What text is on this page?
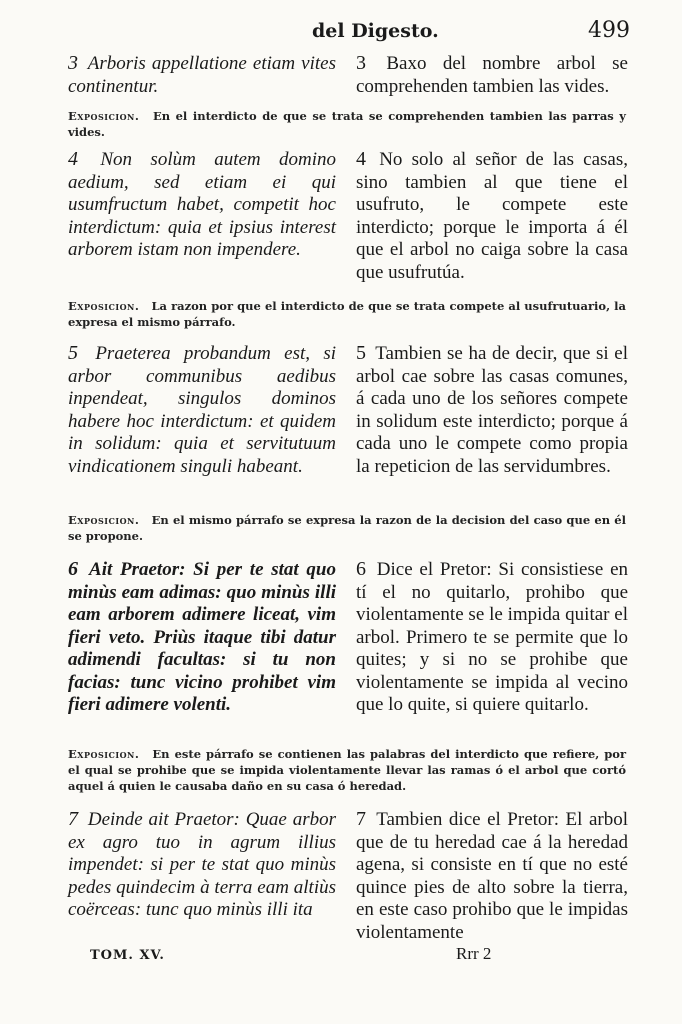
del Digesto.	499
3 Arboris appellatione etiam vites continentur.
3 Baxo del nombre arbol se comprehenden tambien las vides.
Exposicion. En el interdicto de que se trata se comprehenden tambien las parras y vides.
4 Non solùm autem domino aedium, sed etiam ei qui usumfructum habet, competit hoc interdictum: quia et ipsius interest arborem istam non impendere.
4 No solo al señor de las casas, sino tambien al que tiene el usufruto, le compete este interdicto; porque le importa á él que el arbol no caiga sobre la casa que usufrutúa.
Exposicion. La razon por que el interdicto de que se trata compete al usufrutuario, la expresa el mismo párrafo.
5 Praeterea probandum est, si arbor communibus aedibus inpendeat, singulos dominos habere hoc interdictum: et quidem in solidum: quia et servitutuum vindicationem singuli habeant.
5 Tambien se ha de decir, que si el arbol cae sobre las casas comunes, á cada uno de los señores compete in solidum este interdicto; porque á cada uno le compete como propia la repeticion de las servidumbres.
Exposicion. En el mismo párrafo se expresa la razon de la decision del caso que en él se propone.
6 Ait Praetor: Si per te stat quo minùs eam adimas: quo minùs illi eam arborem adimere liceat, vim fieri veto. Priùs itaque tibi datur adimendi facultas: si tu non facias: tunc vicino prohibet vim fieri adimere volenti.
6 Dice el Pretor: Si consistiese en tí el no quitarlo, prohibo que violentamente se le impida quitar el arbol. Primero te se permite que lo quites; y si no se prohibe que violentamente se impida al vecino que lo quite, si quiere quitarlo.
Exposicion. En este párrafo se contienen las palabras del interdicto que refiere, por el qual se prohibe que se impida violentamente llevar las ramas ó el arbol que cortó aquel á quien le causaba daño en su casa ó heredad.
7 Deinde ait Praetor: Quae arbor ex agro tuo in agrum illius impendet: si per te stat quo minùs pedes quindecim à terra eam altiùs coërceas: tunc quo minùs illi ita
7 Tambien dice el Pretor: El arbol que de tu heredad cae á la heredad agena, si consiste en tí que no esté quince pies de alto sobre la tierra, en este caso prohibo que le impidas violentamente
TOM. XV.	Rrr 2
